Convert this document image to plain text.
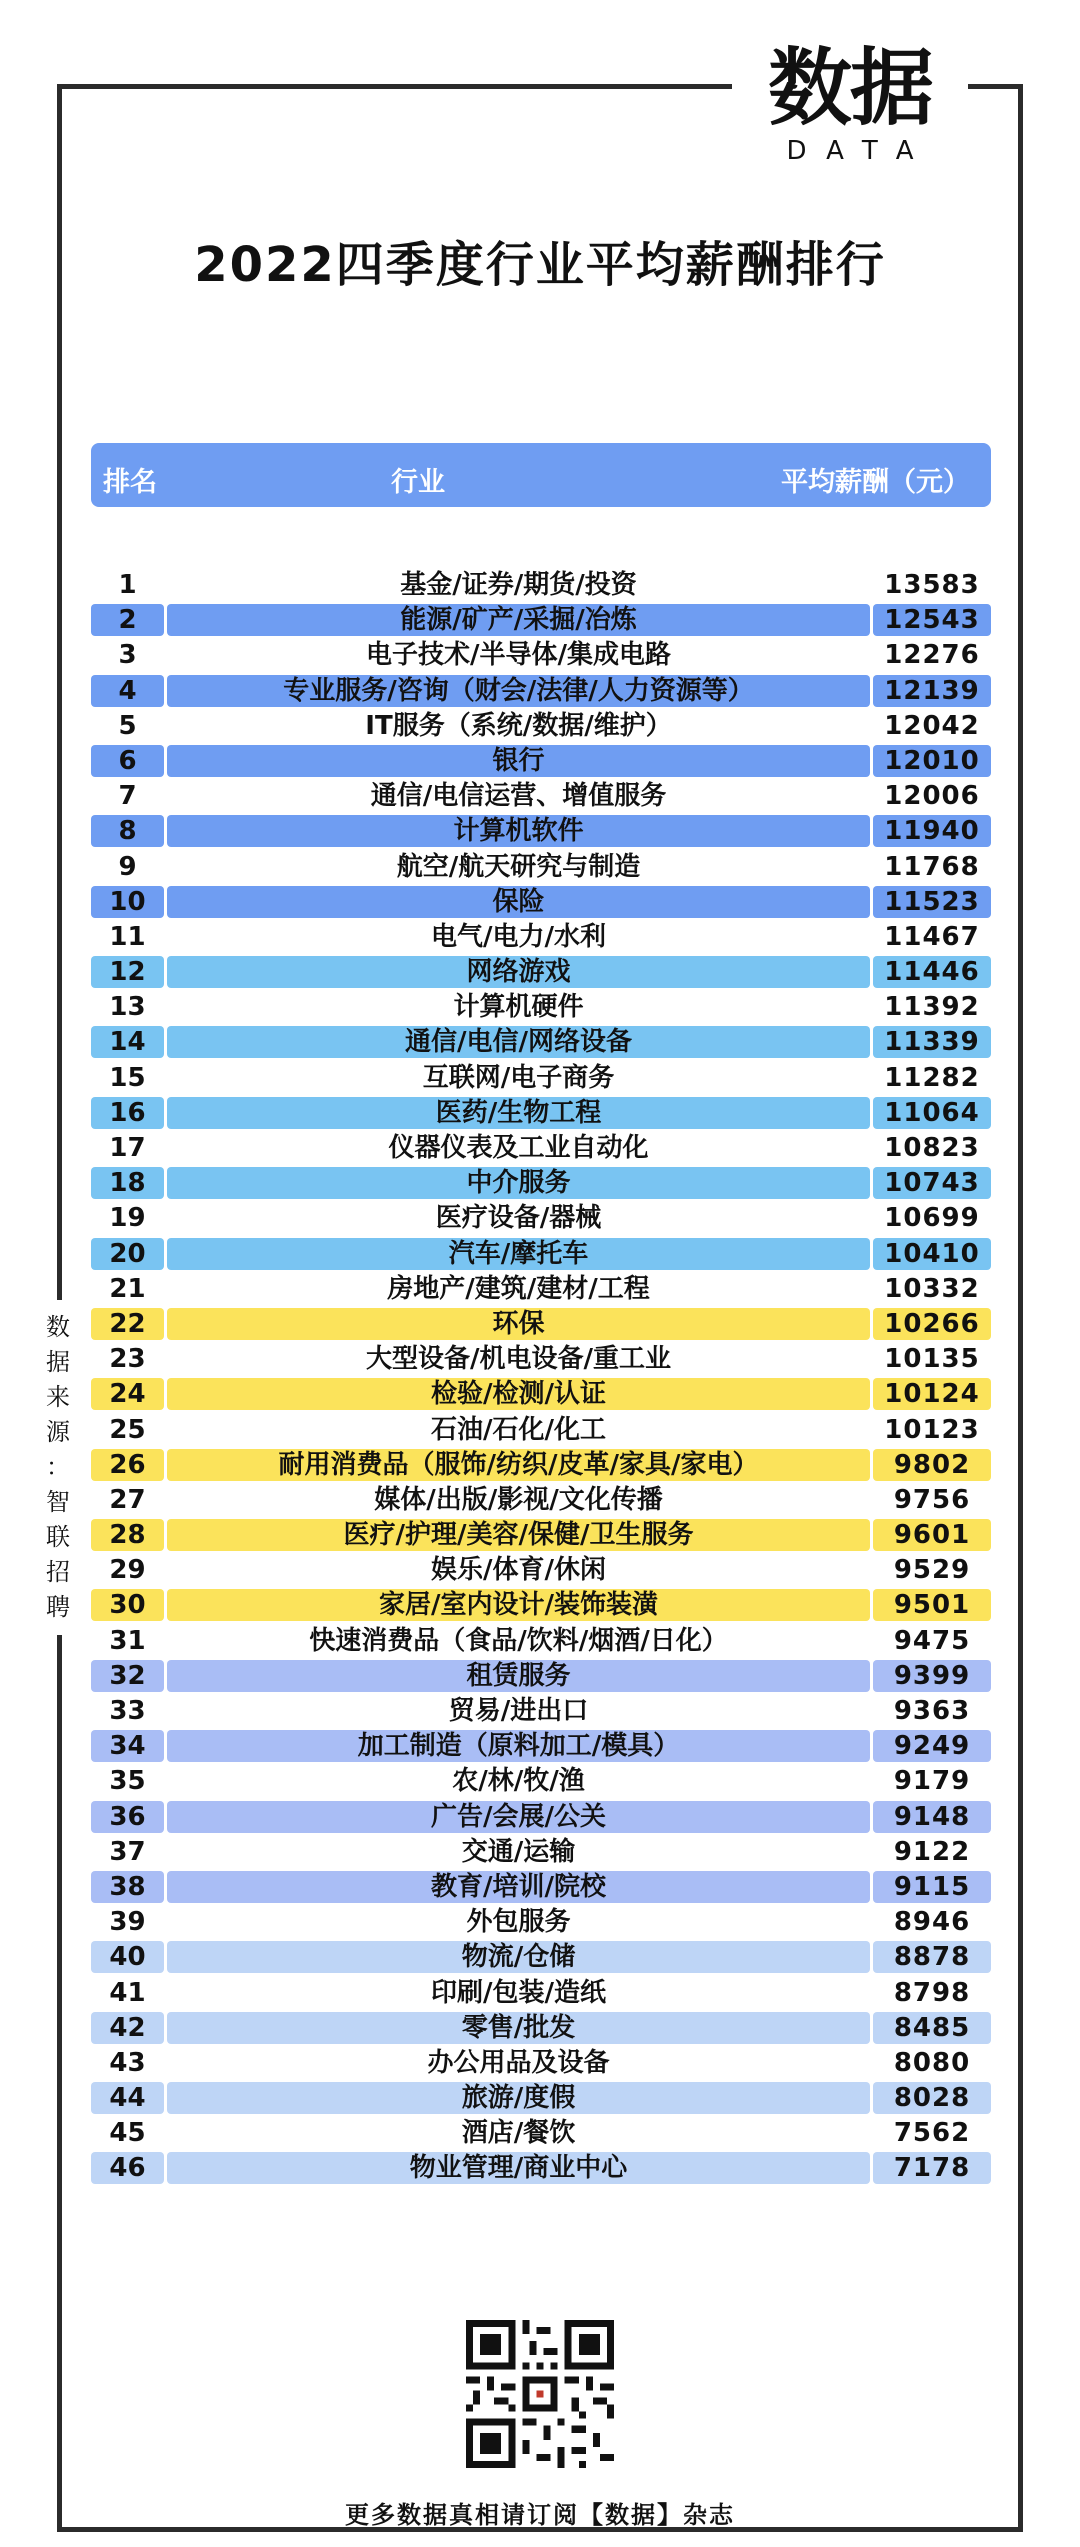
数据
DATA
2022四季度行业平均薪酬排行
排名	行业	平均薪酬（元）
1	基金/证券/期货/投资	13583
2	能源/矿产/采掘/冶炼	12543
3	电子技术/半导体/集成电路	12276
4	专业服务/咨询（财会/法律/人力资源等）	12139
5	IT服务（系统/数据/维护）	12042
6	银行	12010
7	通信/电信运营、增值服务	12006
8	计算机软件	11940
9	航空/航天研究与制造	11768
10	保险	11523
11	电气/电力/水利	11467
12	网络游戏	11446
13	计算机硬件	11392
14	通信/电信/网络设备	11339
15	互联网/电子商务	11282
16	医药/生物工程	11064
17	仪器仪表及工业自动化	10823
18	中介服务	10743
19	医疗设备/器械	10699
20	汽车/摩托车	10410
21	房地产/建筑/建材/工程	10332
22	环保	10266
23	大型设备/机电设备/重工业	10135
24	检验/检测/认证	10124
25	石油/石化/化工	10123
26	耐用消费品（服饰/纺织/皮革/家具/家电）	9802
27	媒体/出版/影视/文化传播	9756
28	医疗/护理/美容/保健/卫生服务	9601
29	娱乐/体育/休闲	9529
30	家居/室内设计/装饰装潢	9501
31	快速消费品（食品/饮料/烟酒/日化）	9475
32	租赁服务	9399
33	贸易/进出口	9363
34	加工制造（原料加工/模具）	9249
35	农/林/牧/渔	9179
36	广告/会展/公关	9148
37	交通/运输	9122
38	教育/培训/院校	9115
39	外包服务	8946
40	物流/仓储	8878
41	印刷/包装/造纸	8798
42	零售/批发	8485
43	办公用品及设备	8080
44	旅游/度假	8028
45	酒店/餐饮	7562
46	物业管理/商业中心	7178
数
据
来
源
：
智
联
招
聘
更多数据真相请订阅【数据】杂志
